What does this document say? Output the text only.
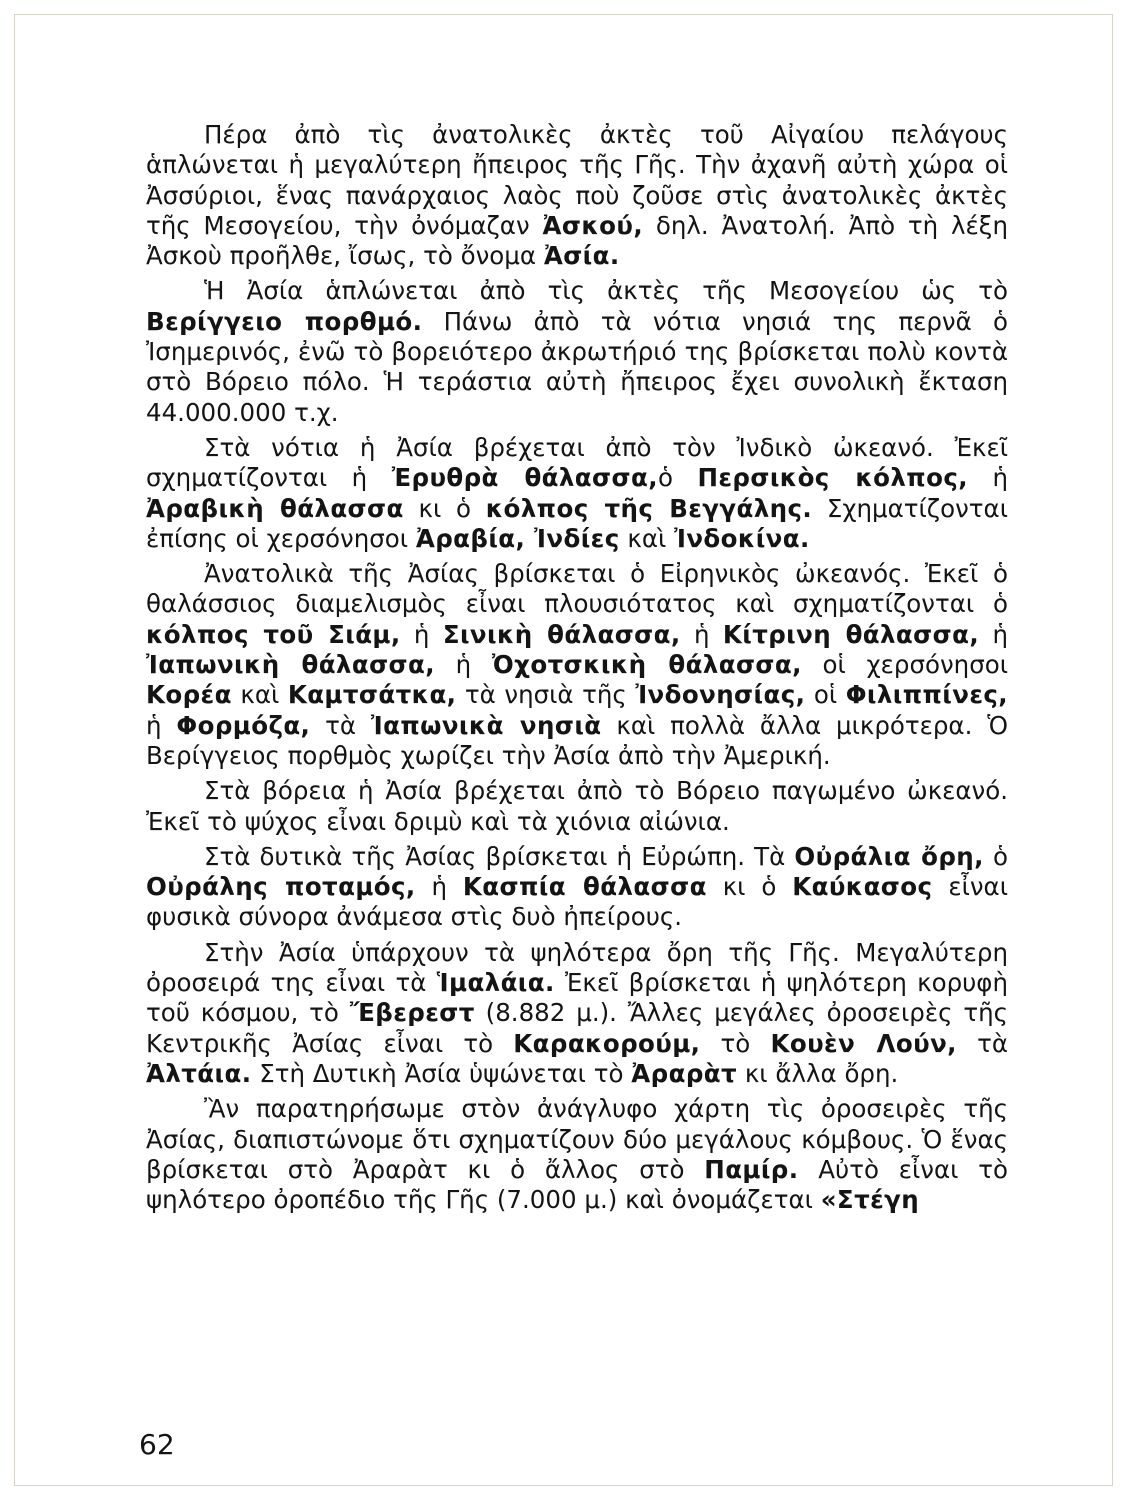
Πέρα ἀπὸ τὶς ἀνατολικὲς ἀκτὲς τοῦ Αἰγαίου πελάγους ἁπλώνεται ἡ μεγαλύτερη ἤπειρος τῆς Γῆς. Τὴν ἀχανῆ αὐτὴ χώρα οἱ Ἀσσύριοι, ἕνας πανάρχαιος λαὸς ποὺ ζοῦσε στὶς ἀνατολικὲς ἀκτὲς τῆς Μεσογείου, τὴν ὀνόμαζαν Ἀσκού, δηλ. Ἀνατολή. Ἀπὸ τὴ λέξη Ἀσκοὺ προῆλθε, ἴσως, τὸ ὄνομα Ἀσία.

Ἡ Ἀσία ἁπλώνεται ἀπὸ τὶς ἀκτὲς τῆς Μεσογείου ὡς τὸ Βερίγγειο πορθμό. Πάνω ἀπὸ τὰ νότια νησιά της περνᾶ ὁ Ἰσημερινός, ἐνῶ τὸ βορειότερο ἀκρωτήριό της βρίσκεται πολὺ κοντὰ στὸ Βόρειο πόλο. Ἡ τεράστια αὐτὴ ἤπειρος ἔχει συνολικὴ ἔκταση 44.000.000 τ.χ.

Στὰ νότια ἡ Ἀσία βρέχεται ἀπὸ τὸν Ἰνδικὸ ὠκεανό. Ἐκεῖ σχηματίζονται ἡ Ἐρυθρὰ θάλασσα,ὁ Περσικὸς κόλπος, ἡ Ἀραβικὴ θάλασσα κι ὁ κόλπος τῆς Βεγγάλης. Σχηματίζονται ἐπίσης οἱ χερσόνησοι Ἀραβία, Ἰνδίες καὶ Ἰνδοκίνα.

Ἀνατολικὰ τῆς Ἀσίας βρίσκεται ὁ Εἰρηνικὸς ὠκεανός. Ἐκεῖ ὁ θαλάσσιος διαμελισμὸς εἶναι πλουσιότατος καὶ σχηματίζονται ὁ κόλπος τοῦ Σιάμ, ἡ Σινικὴ θάλασσα, ἡ Κίτρινη θάλασσα, ἡ Ἰαπωνικὴ θάλασσα, ἡ Ὀχοτσκικὴ θάλασσα, οἱ χερσόνησοι Κορέα καὶ Καμτσάτκα, τὰ νησιὰ τῆς Ἰνδονησίας, οἱ Φιλιππίνες, ἡ Φορμόζα, τὰ Ἰαπωνικὰ νησιὰ καὶ πολλὰ ἄλλα μικρότερα. Ὁ Βερίγγειος πορθμὸς χωρίζει τὴν Ἀσία ἀπὸ τὴν Ἀμερική.

Στὰ βόρεια ἡ Ἀσία βρέχεται ἀπὸ τὸ Βόρειο παγωμένο ὠκεανό. Ἐκεῖ τὸ ψύχος εἶναι δριμὺ καὶ τὰ χιόνια αἰώνια.

Στὰ δυτικὰ τῆς Ἀσίας βρίσκεται ἡ Εὐρώπη. Τὰ Οὐράλια ὄρη, ὁ Οὐράλης ποταμός, ἡ Κασπία θάλασσα κι ὁ Καύκασος εἶναι φυσικὰ σύνορα ἀνάμεσα στὶς δυὸ ἠπείρους.

Στὴν Ἀσία ὑπάρχουν τὰ ψηλότερα ὄρη τῆς Γῆς. Μεγαλύτερη ὀροσειρά της εἶναι τὰ Ἱμαλάια. Ἐκεῖ βρίσκεται ἡ ψηλότερη κορυφὴ τοῦ κόσμου, τὸ Ἔβερεστ (8.882 μ.). Ἄλλες μεγάλες ὀροσειρὲς τῆς Κεντρικῆς Ἀσίας εἶναι τὸ Καρακορούμ, τὸ Κουὲν Λούν, τὰ Ἀλτάια. Στὴ Δυτικὴ Ἀσία ὑψώνεται τὸ Ἀραρὰτ κι ἄλλα ὄρη.

Ἂν παρατηρήσωμε στὸν ἀνάγλυφο χάρτη τὶς ὀροσειρὲς τῆς Ἀσίας, διαπιστώνομε ὅτι σχηματίζουν δύο μεγάλους κόμβους. Ὁ ἕνας βρίσκεται στὸ Ἀραρὰτ κι ὁ ἄλλος στὸ Παμίρ. Αὐτὸ εἶναι τὸ ψηλότερο ὀροπέδιο τῆς Γῆς (7.000 μ.) καὶ ὀνομάζεται «Στέγη

62
